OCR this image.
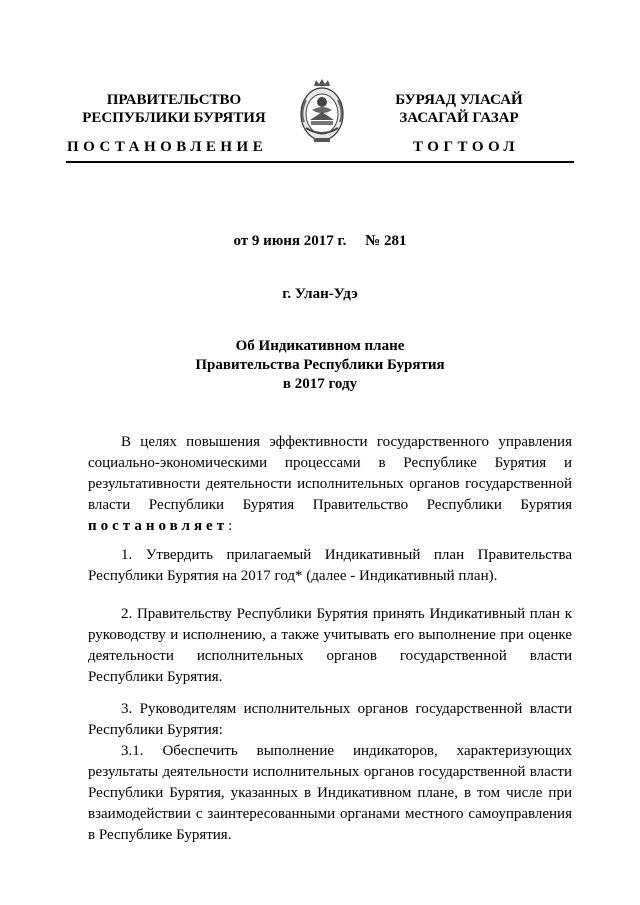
ПРАВИТЕЛЬСТВО
РЕСПУБЛИКИ БУРЯТИЯ
БУРЯАД УЛАСАЙ
ЗАСАГАЙ ГАЗАР
ПОСТАНОВЛЕНИЕ	ТОГТООЛ
от 9 июня 2017 г.     № 281
г. Улан-Удэ
Об Индикативном плане
Правительства Республики Бурятия
в 2017 году

В целях повышения эффективности государственного управления социально-экономическими процессами в Республике Бурятия и результативности деятельности исполнительных органов государственной власти Республики Бурятия Правительство Республики Бурятия постановляет:

1. Утвердить прилагаемый Индикативный план Правительства Республики Бурятия на 2017 год* (далее - Индикативный план).

2. Правительству Республики Бурятия принять Индикативный план к руководству и исполнению, а также учитывать его выполнение при оценке деятельности исполнительных органов государственной власти Республики Бурятия.

3. Руководителям исполнительных органов государственной власти Республики Бурятия:

3.1. Обеспечить выполнение индикаторов, характеризующих результаты деятельности исполнительных органов государственной власти Республики Бурятия, указанных в Индикативном плане, в том числе при взаимодействии с заинтересованными органами местного самоуправления в Республике Бурятия.
